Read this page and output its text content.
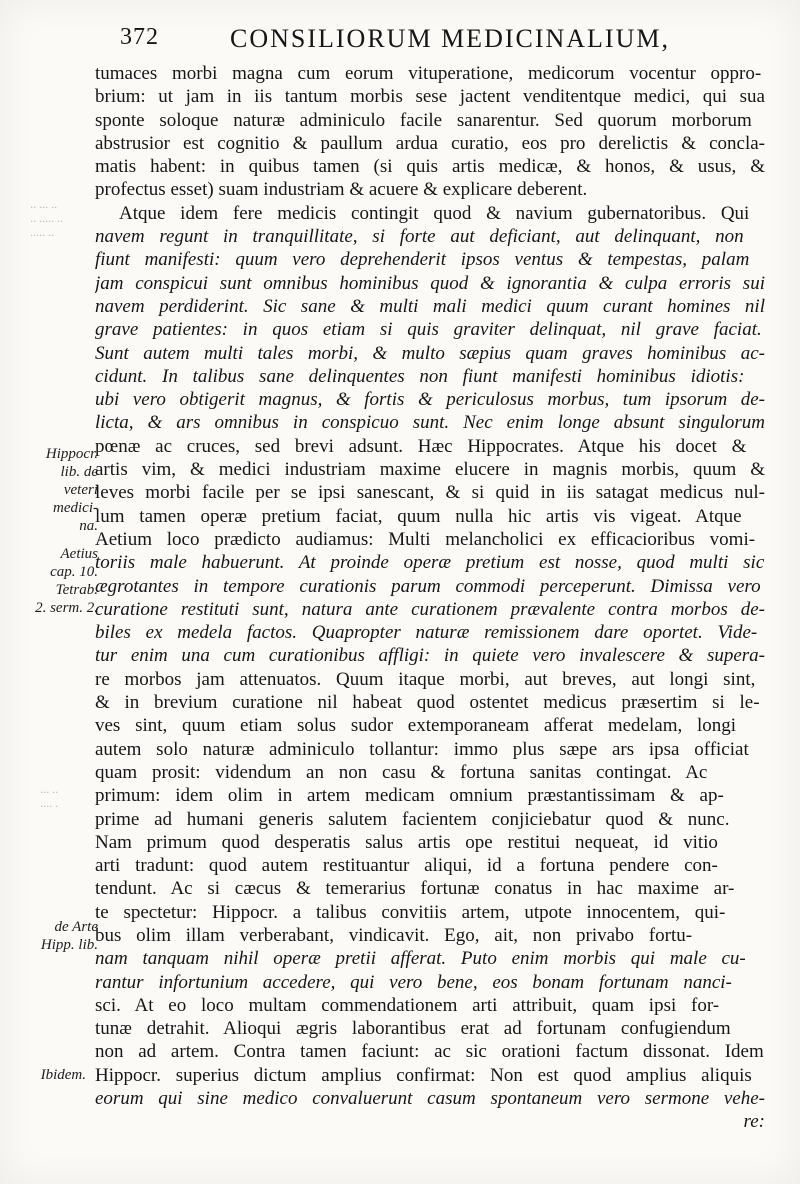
372	CONSILIORUM MEDICINALIUM,
Hippocr.
lib. de
veteri
medici-
na.
Aetius
cap. 10.
Tetrab.
2. serm. 2.
de Arte
Hipp. lib.
Ibidem.
·· ··· ··
·· ····· ··
····· ··
··· ··
···· ·
tumaces morbi magna cum eorum vituperatione, medicorum vocentur oppro-
brium: ut jam in iis tantum morbis sese jactent venditentque medici, qui sua
sponte soloque naturæ adminiculo facile sanarentur. Sed quorum morborum
abstrusior est cognitio & paullum ardua curatio, eos pro derelictis & concla-
matis habent: in quibus tamen (si quis artis medicæ, & honos, & usus, &
profectus esset) suam industriam & acuere & explicare deberent.
Atque idem fere medicis contingit quod & navium gubernatoribus. Qui
navem regunt in tranquillitate, si forte aut deficiant, aut delinquant, non
fiunt manifesti: quum vero deprehenderit ipsos ventus & tempestas, palam
jam conspicui sunt omnibus hominibus quod & ignorantia & culpa erroris sui
navem perdiderint. Sic sane & multi mali medici quum curant homines nil
grave patientes: in quos etiam si quis graviter delinquat, nil grave faciat.
Sunt autem multi tales morbi, & multo sæpius quam graves hominibus ac-
cidunt. In talibus sane delinquentes non fiunt manifesti hominibus idiotis:
ubi vero obtigerit magnus, & fortis & periculosus morbus, tum ipsorum de-
licta, & ars omnibus in conspicuo sunt. Nec enim longe absunt singulorum
pœnæ ac cruces, sed brevi adsunt. Hæc Hippocrates. Atque his docet &
artis vim, & medici industriam maxime elucere in magnis morbis, quum &
leves morbi facile per se ipsi sanescant, & si quid in iis satagat medicus nul-
lum tamen operæ pretium faciat, quum nulla hic artis vis vigeat. Atque
Aetium loco prædicto audiamus: Multi melancholici ex efficacioribus vomi-
toriis male habuerunt. At proinde operæ pretium est nosse, quod multi sic
ægrotantes in tempore curationis parum commodi perceperunt. Dimissa vero
curatione restituti sunt, natura ante curationem prævalente contra morbos de-
biles ex medela factos. Quapropter naturæ remissionem dare oportet. Vide-
tur enim una cum curationibus affligi: in quiete vero invalescere & supera-
re morbos jam attenuatos. Quum itaque morbi, aut breves, aut longi sint,
& in brevium curatione nil habeat quod ostentet medicus præsertim si le-
ves sint, quum etiam solus sudor extemporaneam afferat medelam, longi
autem solo naturæ adminiculo tollantur: immo plus sæpe ars ipsa officiat
quam prosit: videndum an non casu & fortuna sanitas contingat. Ac
primum: idem olim in artem medicam omnium præstantissimam & ap-
prime ad humani generis salutem facientem conjiciebatur quod & nunc.
Nam primum quod desperatis salus artis ope restitui nequeat, id vitio
arti tradunt: quod autem restituantur aliqui, id a fortuna pendere con-
tendunt. Ac si cæcus & temerarius fortunæ conatus in hac maxime ar-
te spectetur: Hippocr. a talibus convitiis artem, utpote innocentem, qui-
bus olim illam verberabant, vindicavit. Ego, ait, non privabo fortu-
nam tanquam nihil operæ pretii afferat. Puto enim morbis qui male cu-
rantur infortunium accedere, qui vero bene, eos bonam fortunam nanci-
sci. At eo loco multam commendationem arti attribuit, quam ipsi for-
tunæ detrahit. Alioqui ægris laborantibus erat ad fortunam confugiendum
non ad artem. Contra tamen faciunt: ac sic orationi factum dissonat. Idem
Hippocr. superius dictum amplius confirmat: Non est quod amplius aliquis
eorum qui sine medico convaluerunt casum spontaneum vero sermone vehe-
re:
